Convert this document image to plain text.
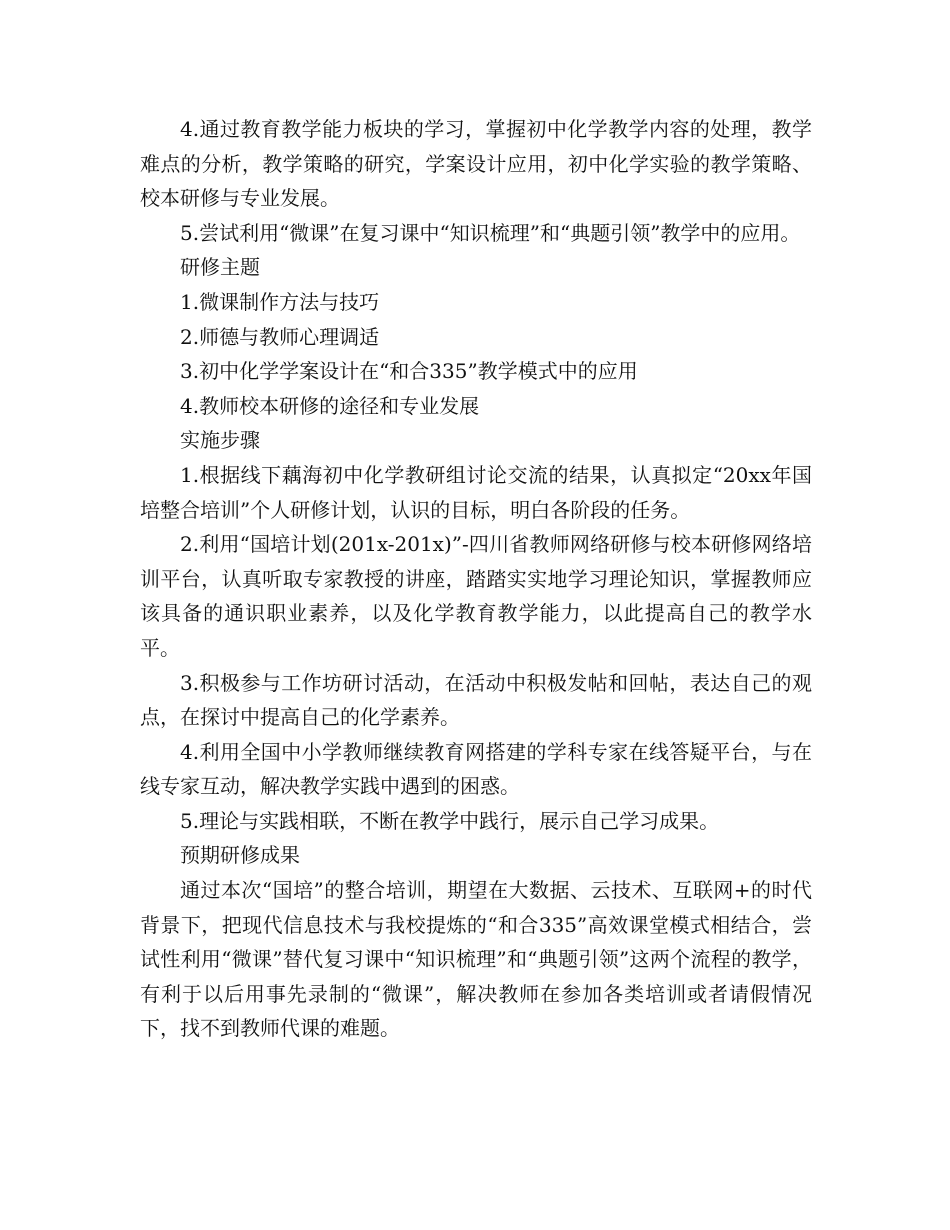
4.通过教育教学能力板块的学习，掌握初中化学教学内容的处理，教学难点的分析，教学策略的研究，学案设计应用，初中化学实验的教学策略、校本研修与专业发展。

5.尝试利用“微课”在复习课中“知识梳理”和“典题引领”教学中的应用。

研修主题

1.微课制作方法与技巧

2.师德与教师心理调适

3.初中化学学案设计在“和合335”教学模式中的应用

4.教师校本研修的途径和专业发展

实施步骤

1.根据线下藕海初中化学教研组讨论交流的结果，认真拟定“20xx年国培整合培训”个人研修计划，认识的目标，明白各阶段的任务。

2.利用“国培计划(201x-201x)”-四川省教师网络研修与校本研修网络培训平台，认真听取专家教授的讲座，踏踏实实地学习理论知识，掌握教师应该具备的通识职业素养，以及化学教育教学能力，以此提高自己的教学水平。

3.积极参与工作坊研讨活动，在活动中积极发帖和回帖，表达自己的观点，在探讨中提高自己的化学素养。

4.利用全国中小学教师继续教育网搭建的学科专家在线答疑平台，与在线专家互动，解决教学实践中遇到的困惑。

5.理论与实践相联，不断在教学中践行，展示自己学习成果。

预期研修成果

通过本次“国培”的整合培训，期望在大数据、云技术、互联网+的时代背景下，把现代信息技术与我校提炼的“和合335”高效课堂模式相结合，尝试性利用“微课”替代复习课中“知识梳理”和“典题引领”这两个流程的教学，有利于以后用事先录制的“微课”，解决教师在参加各类培训或者请假情况下，找不到教师代课的难题。
